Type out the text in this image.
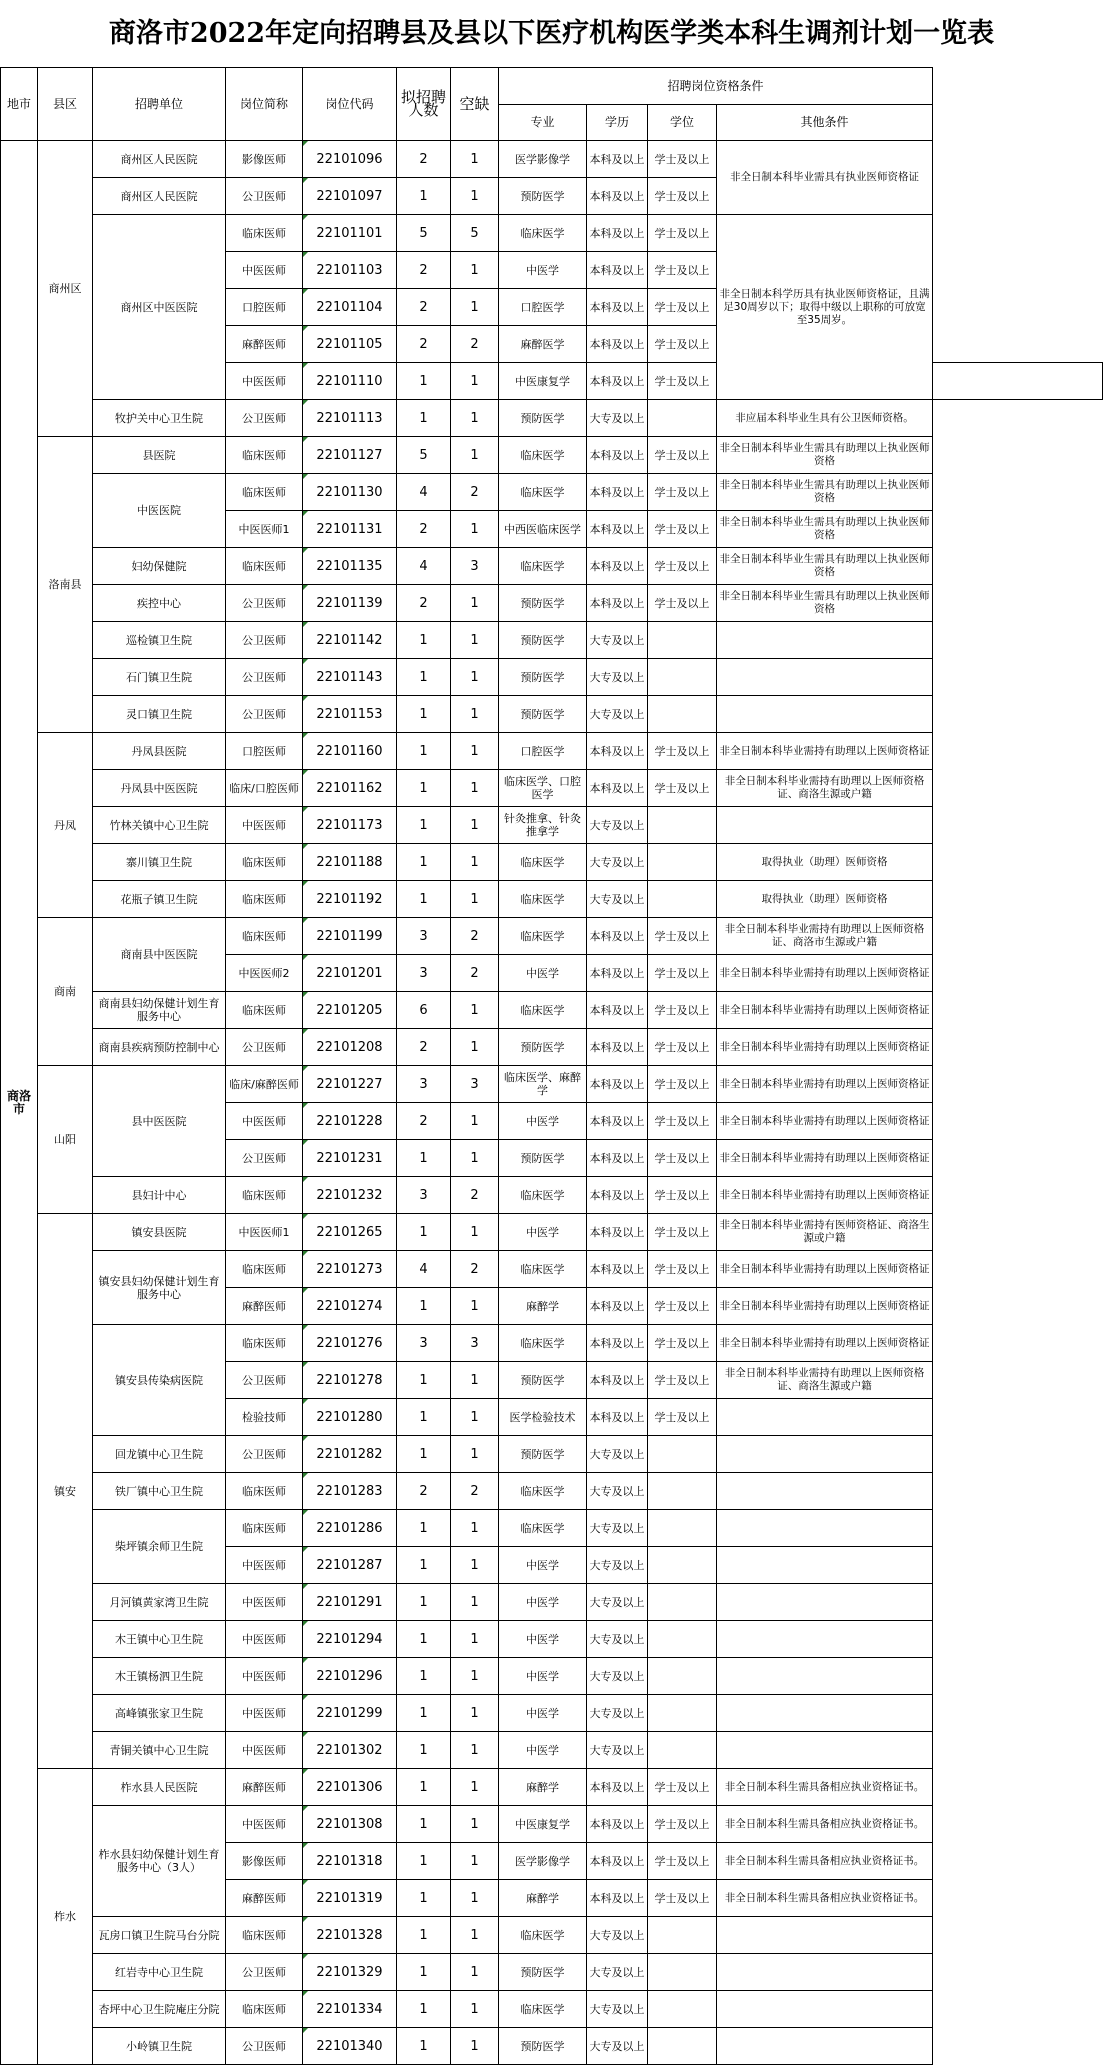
商洛市2022年定向招聘县及县以下医疗机构医学类本科生调剂计划一览表
地市	县区	招聘单位	岗位简称	岗位代码	拟招聘人数	空缺	招聘岗位资格条件				
							专业	学历	学位	其他条件	
商洛市	商州区	商州区人民医院	影像医师	22101096	2	1	医学影像学	本科及以上	学士及以上	非全日制本科毕业需具有执业医师资格证	
		商州区人民医院	公卫医师	22101097	1	1	预防医学	本科及以上	学士及以上		
		商州区中医医院	临床医师	22101101	5	5	临床医学	本科及以上	学士及以上	非全日制本科学历具有执业医师资格证，且满足30周岁以下；取得中级以上职称的可放宽至35周岁。	
			中医医师	22101103	2	1	中医学	本科及以上	学士及以上		
			口腔医师	22101104	2	1	口腔医学	本科及以上	学士及以上		
			麻醉医师	22101105	2	2	麻醉医学	本科及以上	学士及以上		
			中医医师	22101110	1	1	中医康复学	本科及以上	学士及以上		
		牧护关中心卫生院	公卫医师	22101113	1	1	预防医学	大专及以上		非应届本科毕业生具有公卫医师资格。	
	洛南县	县医院	临床医师	22101127	5	1	临床医学	本科及以上	学士及以上	非全日制本科毕业生需具有助理以上执业医师资格	
		中医医院	临床医师	22101130	4	2	临床医学	本科及以上	学士及以上	非全日制本科毕业生需具有助理以上执业医师资格	
			中医医师1	22101131	2	1	中西医临床医学	本科及以上	学士及以上	非全日制本科毕业生需具有助理以上执业医师资格	
		妇幼保健院	临床医师	22101135	4	3	临床医学	本科及以上	学士及以上	非全日制本科毕业生需具有助理以上执业医师资格	
		疾控中心	公卫医师	22101139	2	1	预防医学	本科及以上	学士及以上	非全日制本科毕业生需具有助理以上执业医师资格	
		巡检镇卫生院	公卫医师	22101142	1	1	预防医学	大专及以上			
		石门镇卫生院	公卫医师	22101143	1	1	预防医学	大专及以上			
		灵口镇卫生院	公卫医师	22101153	1	1	预防医学	大专及以上			
	丹凤	丹凤县医院	口腔医师	22101160	1	1	口腔医学	本科及以上	学士及以上	非全日制本科毕业需持有助理以上医师资格证	
		丹凤县中医医院	临床/口腔医师	22101162	1	1	临床医学、口腔医学	本科及以上	学士及以上	非全日制本科毕业需持有助理以上医师资格证、商洛生源或户籍	
		竹林关镇中心卫生院	中医医师	22101173	1	1	针灸推拿、针灸推拿学	大专及以上			
		寨川镇卫生院	临床医师	22101188	1	1	临床医学	大专及以上		取得执业（助理）医师资格	
		花瓶子镇卫生院	临床医师	22101192	1	1	临床医学	大专及以上		取得执业（助理）医师资格	
	商南	商南县中医医院	临床医师	22101199	3	2	临床医学	本科及以上	学士及以上	非全日制本科毕业需持有助理以上医师资格证、商洛市生源或户籍	
			中医医师2	22101201	3	2	中医学	本科及以上	学士及以上	非全日制本科毕业需持有助理以上医师资格证	
		商南县妇幼保健计划生育服务中心	临床医师	22101205	6	1	临床医学	本科及以上	学士及以上	非全日制本科毕业需持有助理以上医师资格证	
		商南县疾病预防控制中心	公卫医师	22101208	2	1	预防医学	本科及以上	学士及以上	非全日制本科毕业需持有助理以上医师资格证	
	山阳	县中医医院	临床/麻醉医师	22101227	3	3	临床医学、麻醉学	本科及以上	学士及以上	非全日制本科毕业需持有助理以上医师资格证	
			中医医师	22101228	2	1	中医学	本科及以上	学士及以上	非全日制本科毕业需持有助理以上医师资格证	
			公卫医师	22101231	1	1	预防医学	本科及以上	学士及以上	非全日制本科毕业需持有助理以上医师资格证	
		县妇计中心	临床医师	22101232	3	2	临床医学	本科及以上	学士及以上	非全日制本科毕业需持有助理以上医师资格证	
	镇安	镇安县医院	中医医师1	22101265	1	1	中医学	本科及以上	学士及以上	非全日制本科毕业需持有医师资格证、商洛生源或户籍	
		镇安县妇幼保健计划生育服务中心	临床医师	22101273	4	2	临床医学	本科及以上	学士及以上	非全日制本科毕业需持有助理以上医师资格证	
			麻醉医师	22101274	1	1	麻醉学	本科及以上	学士及以上	非全日制本科毕业需持有助理以上医师资格证	
		镇安县传染病医院	临床医师	22101276	3	3	临床医学	本科及以上	学士及以上	非全日制本科毕业需持有助理以上医师资格证	
			公卫医师	22101278	1	1	预防医学	本科及以上	学士及以上	非全日制本科毕业需持有助理以上医师资格证、商洛生源或户籍	
			检验技师	22101280	1	1	医学检验技术	本科及以上	学士及以上		
		回龙镇中心卫生院	公卫医师	22101282	1	1	预防医学	大专及以上			
		铁厂镇中心卫生院	临床医师	22101283	2	2	临床医学	大专及以上			
		柴坪镇余师卫生院	临床医师	22101286	1	1	临床医学	大专及以上			
			中医医师	22101287	1	1	中医学	大专及以上			
		月河镇黄家湾卫生院	中医医师	22101291	1	1	中医学	大专及以上			
		木王镇中心卫生院	中医医师	22101294	1	1	中医学	大专及以上			
		木王镇杨泗卫生院	中医医师	22101296	1	1	中医学	大专及以上			
		高峰镇张家卫生院	中医医师	22101299	1	1	中医学	大专及以上			
		青铜关镇中心卫生院	中医医师	22101302	1	1	中医学	大专及以上			
	柞水	柞水县人民医院	麻醉医师	22101306	1	1	麻醉学	本科及以上	学士及以上	非全日制本科生需具备相应执业资格证书。	
		柞水县妇幼保健计划生育服务中心（3人）	中医医师	22101308	1	1	中医康复学	本科及以上	学士及以上	非全日制本科生需具备相应执业资格证书。	
			影像医师	22101318	1	1	医学影像学	本科及以上	学士及以上	非全日制本科生需具备相应执业资格证书。	
			麻醉医师	22101319	1	1	麻醉学	本科及以上	学士及以上	非全日制本科生需具备相应执业资格证书。	
		瓦房口镇卫生院马台分院	临床医师	22101328	1	1	临床医学	大专及以上			
		红岩寺中心卫生院	公卫医师	22101329	1	1	预防医学	大专及以上			
		杏坪中心卫生院庵庄分院	临床医师	22101334	1	1	临床医学	大专及以上			
		小岭镇卫生院	公卫医师	22101340	1	1	预防医学	大专及以上			
